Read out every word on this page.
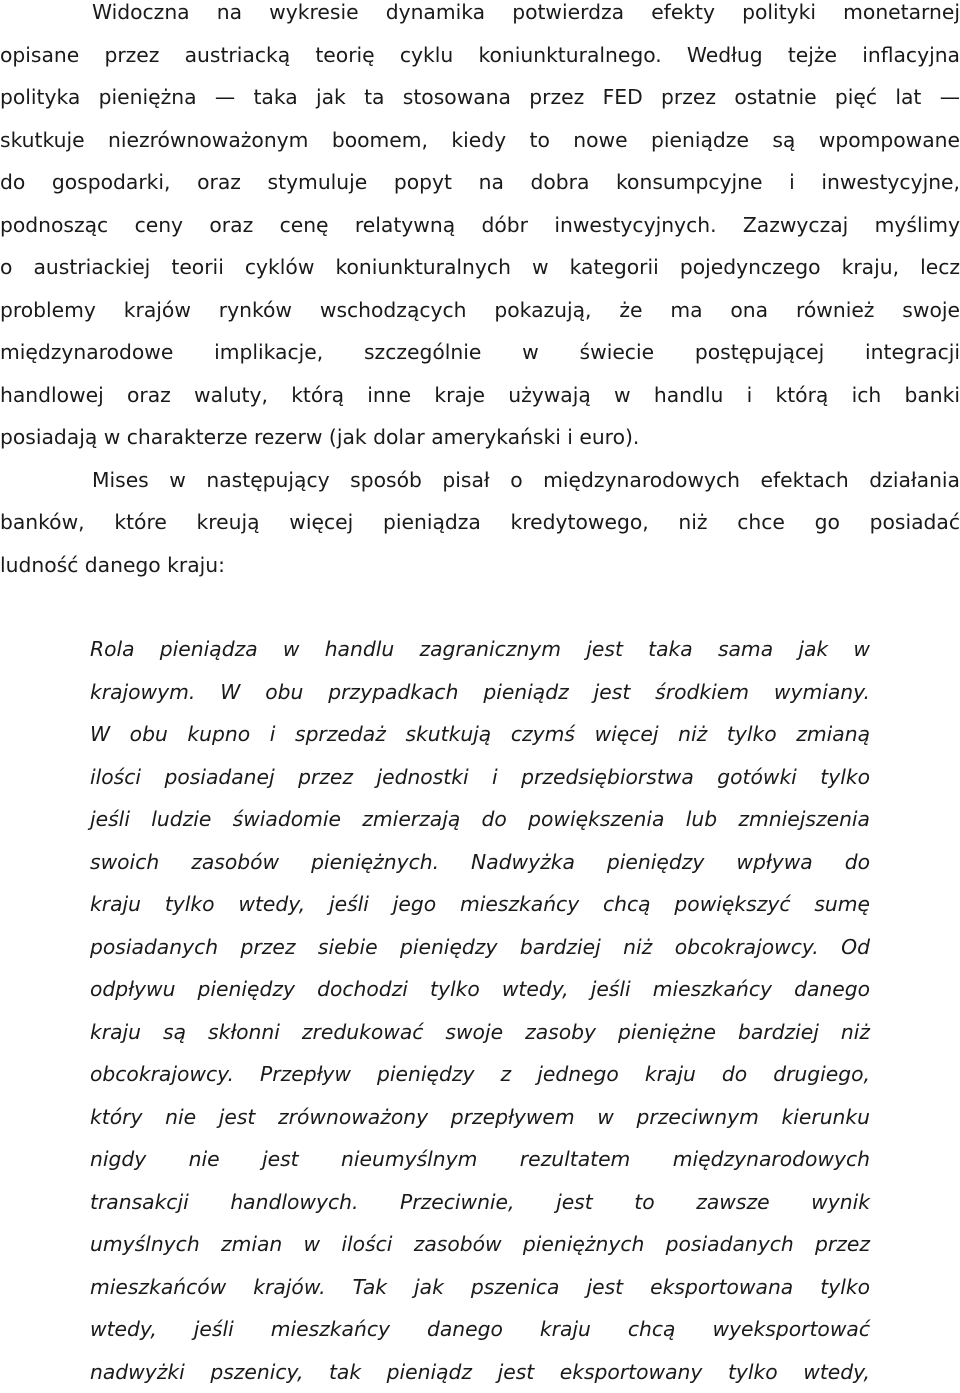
Widoczna na wykresie dynamika potwierdza efekty polityki monetarnej
opisane przez austriacką teorię cyklu koniunkturalnego. Według tejże inflacyjna
polityka pieniężna — taka jak ta stosowana przez FED przez ostatnie pięć lat —
skutkuje niezrównoważonym boomem, kiedy to nowe pieniądze są wpompowane
do gospodarki, oraz stymuluje popyt na dobra konsumpcyjne i inwestycyjne,
podnosząc ceny oraz cenę relatywną dóbr inwestycyjnych. Zazwyczaj myślimy
o austriackiej teorii cyklów koniunkturalnych w kategorii pojedynczego kraju, lecz
problemy krajów rynków wschodzących pokazują, że ma ona również swoje
międzynarodowe implikacje, szczególnie w świecie postępującej integracji
handlowej oraz waluty, którą inne kraje używają w handlu i którą ich banki
posiadają w charakterze rezerw (jak dolar amerykański i euro).
Mises w następujący sposób pisał o międzynarodowych efektach działania
banków, które kreują więcej pieniądza kredytowego, niż chce go posiadać
ludność danego kraju:
Rola pieniądza w handlu zagranicznym jest taka sama jak w
krajowym. W obu przypadkach pieniądz jest środkiem wymiany.
W obu kupno i sprzedaż skutkują czymś więcej niż tylko zmianą
ilości posiadanej przez jednostki i przedsiębiorstwa gotówki tylko
jeśli ludzie świadomie zmierzają do powiększenia lub zmniejszenia
swoich zasobów pieniężnych. Nadwyżka pieniędzy wpływa do
kraju tylko wtedy, jeśli jego mieszkańcy chcą powiększyć sumę
posiadanych przez siebie pieniędzy bardziej niż obcokrajowcy. Od
odpływu pieniędzy dochodzi tylko wtedy, jeśli mieszkańcy danego
kraju są skłonni zredukować swoje zasoby pieniężne bardziej niż
obcokrajowcy. Przepływ pieniędzy z jednego kraju do drugiego,
który nie jest zrównoważony przepływem w przeciwnym kierunku
nigdy nie jest nieumyślnym rezultatem międzynarodowych
transakcji handlowych. Przeciwnie, jest to zawsze wynik
umyślnych zmian w ilości zasobów pieniężnych posiadanych przez
mieszkańców krajów. Tak jak pszenica jest eksportowana tylko
wtedy, jeśli mieszkańcy danego kraju chcą wyeksportować
nadwyżki pszenicy, tak pieniądz jest eksportowany tylko wtedy,
